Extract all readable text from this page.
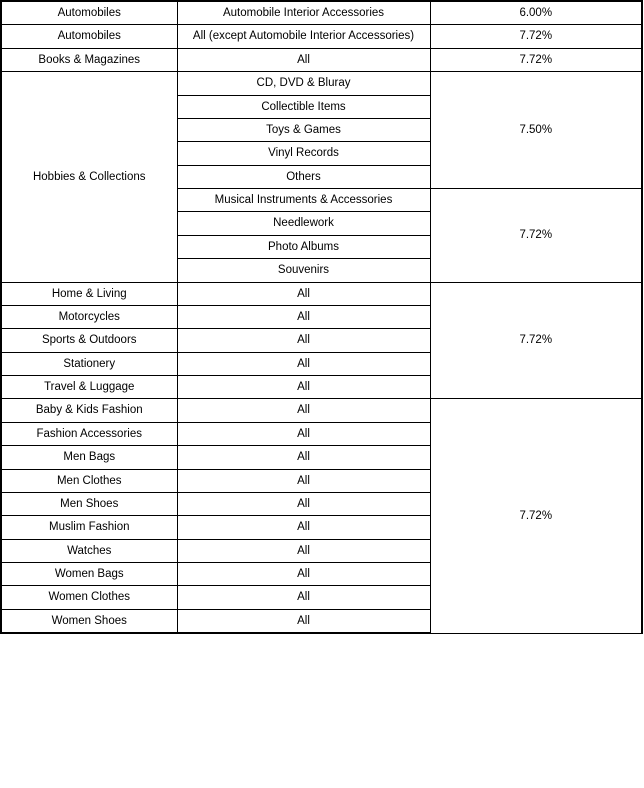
Automobiles	Automobile Interior Accessories	6.00%
Automobiles	All (except Automobile Interior Accessories)	7.72%
Books & Magazines	All	7.72%
Hobbies & Collections	CD, DVD & Bluray	7.50%
	Collectible Items	
	Toys & Games	
	Vinyl Records	
	Others	
	Musical Instruments & Accessories	7.72%
	Needlework	
	Photo Albums	
	Souvenirs	
Home & Living	All	7.72%
Motorcycles	All	
Sports & Outdoors	All	
Stationery	All	
Travel & Luggage	All	
Baby & Kids Fashion	All	7.72%
Fashion Accessories	All	
Men Bags	All	
Men Clothes	All	
Men Shoes	All	
Muslim Fashion	All	
Watches	All	
Women Bags	All	
Women Clothes	All	
Women Shoes	All	
